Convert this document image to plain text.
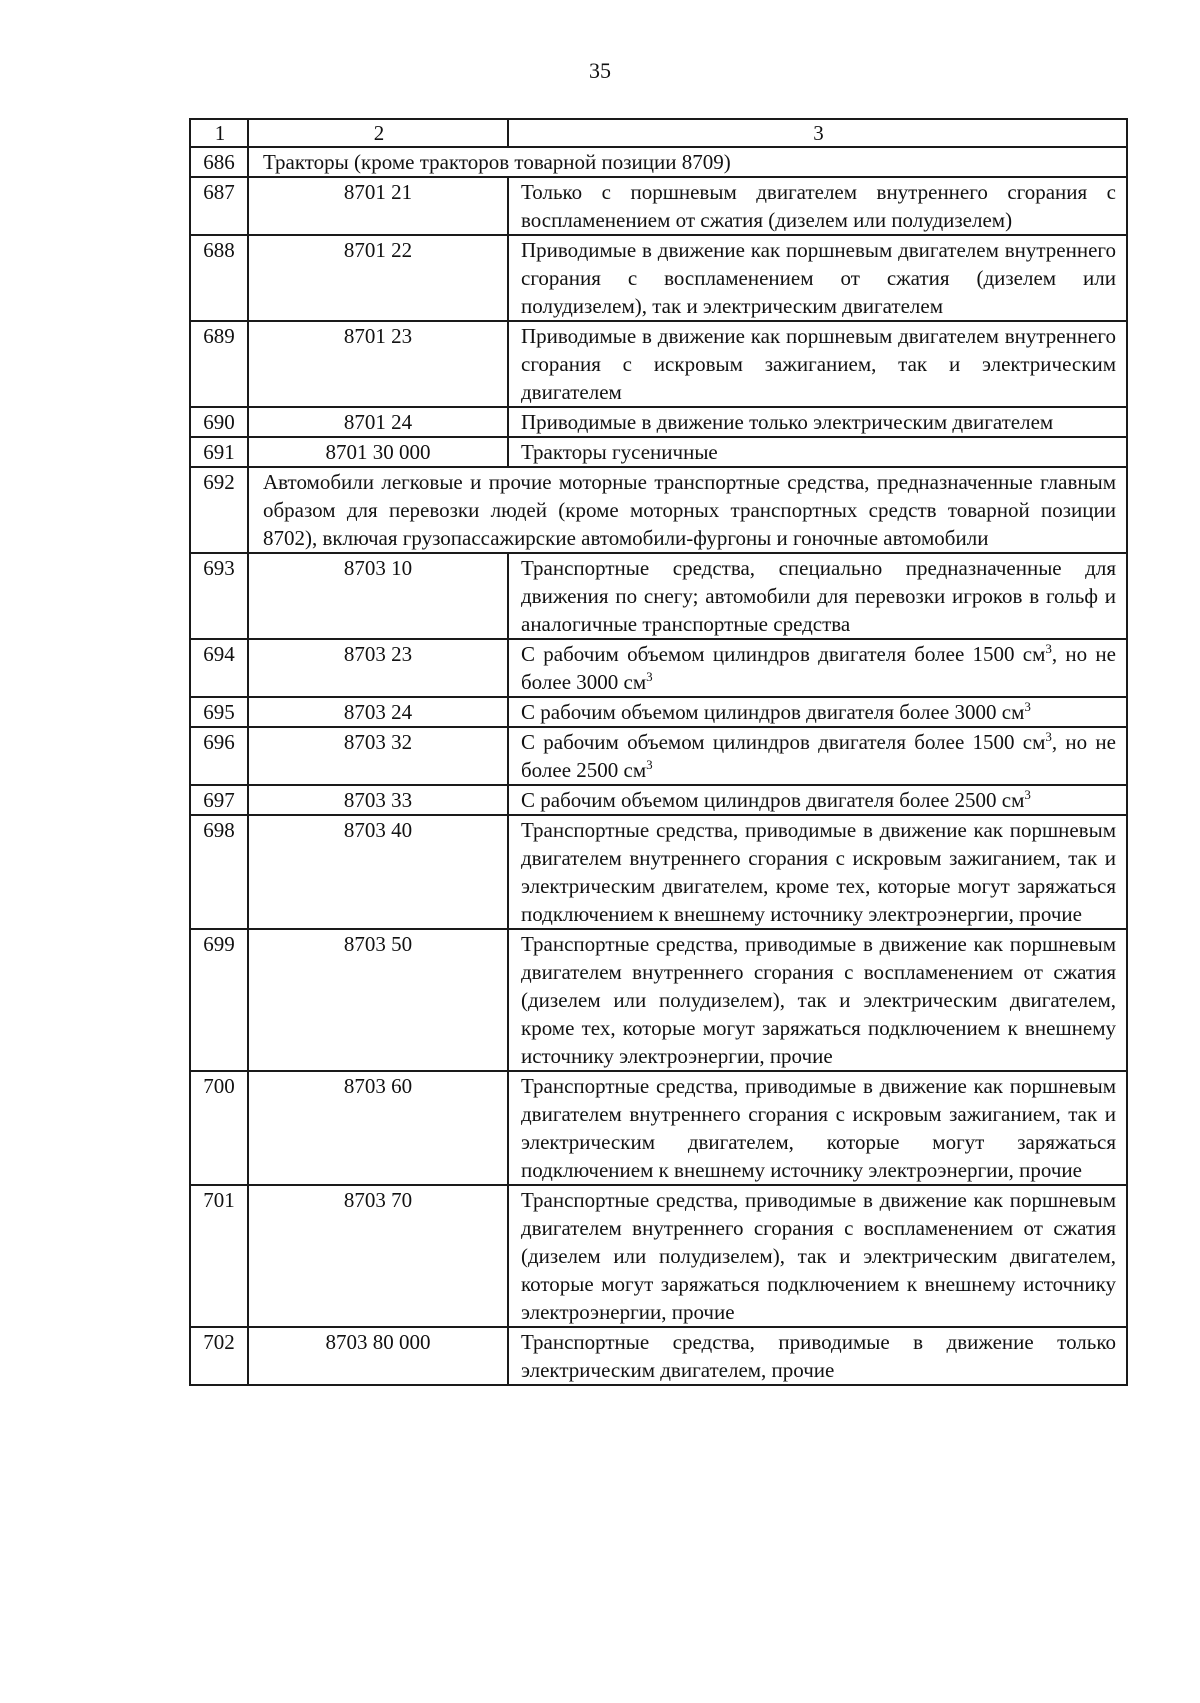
35
1	2	3
686	Тракторы (кроме тракторов товарной позиции 8709)	
687	8701 21	Только с поршневым двигателем внутреннего сгорания с воспламенением от сжатия (дизелем или полудизелем)
688	8701 22	Приводимые в движение как поршневым двигателем внутреннего сгорания с воспламенением от сжатия (дизелем или полудизелем), так и электрическим двигателем
689	8701 23	Приводимые в движение как поршневым двигателем внутреннего сгорания с искровым зажиганием, так и электрическим двигателем
690	8701 24	Приводимые в движение только электрическим двигателем
691	8701 30 000	Тракторы гусеничные
692	Автомобили легковые и прочие моторные транспортные средства, предназначенные главным образом для перевозки людей (кроме моторных транспортных средств товарной позиции 8702), включая грузопассажирские автомобили-фургоны и гоночные автомобили	
693	8703 10	Транспортные средства, специально предназначенные для движения по снегу; автомобили для перевозки игроков в гольф и аналогичные транспортные средства
694	8703 23	С рабочим объемом цилиндров двигателя более 1500 $см^3$, но не более 3000 $см^3$
695	8703 24	С рабочим объемом цилиндров двигателя более 3000 $см^3$
696	8703 32	С рабочим объемом цилиндров двигателя более 1500 $см^3$, но не более 2500 $см^3$
697	8703 33	С рабочим объемом цилиндров двигателя более 2500 $см^3$
698	8703 40	Транспортные средства, приводимые в движение как поршневым двигателем внутреннего сгорания с искровым зажиганием, так и электрическим двигателем, кроме тех, которые могут заряжаться подключением к внешнему источнику электроэнергии, прочие
699	8703 50	Транспортные средства, приводимые в движение как поршневым двигателем внутреннего сгорания с воспламенением от сжатия (дизелем или полудизелем), так и электрическим двигателем, кроме тех, которые могут заряжаться подключением к внешнему источнику электроэнергии, прочие
700	8703 60	Транспортные средства, приводимые в движение как поршневым двигателем внутреннего сгорания с искровым зажиганием, так и электрическим двигателем, которые могут заряжаться подключением к внешнему источнику электроэнергии, прочие
701	8703 70	Транспортные средства, приводимые в движение как поршневым двигателем внутреннего сгорания с воспламенением от сжатия (дизелем или полудизелем), так и электрическим двигателем, которые могут заряжаться подключением к внешнему источнику электроэнергии, прочие
702	8703 80 000	Транспортные средства, приводимые в движение только электрическим двигателем, прочие
